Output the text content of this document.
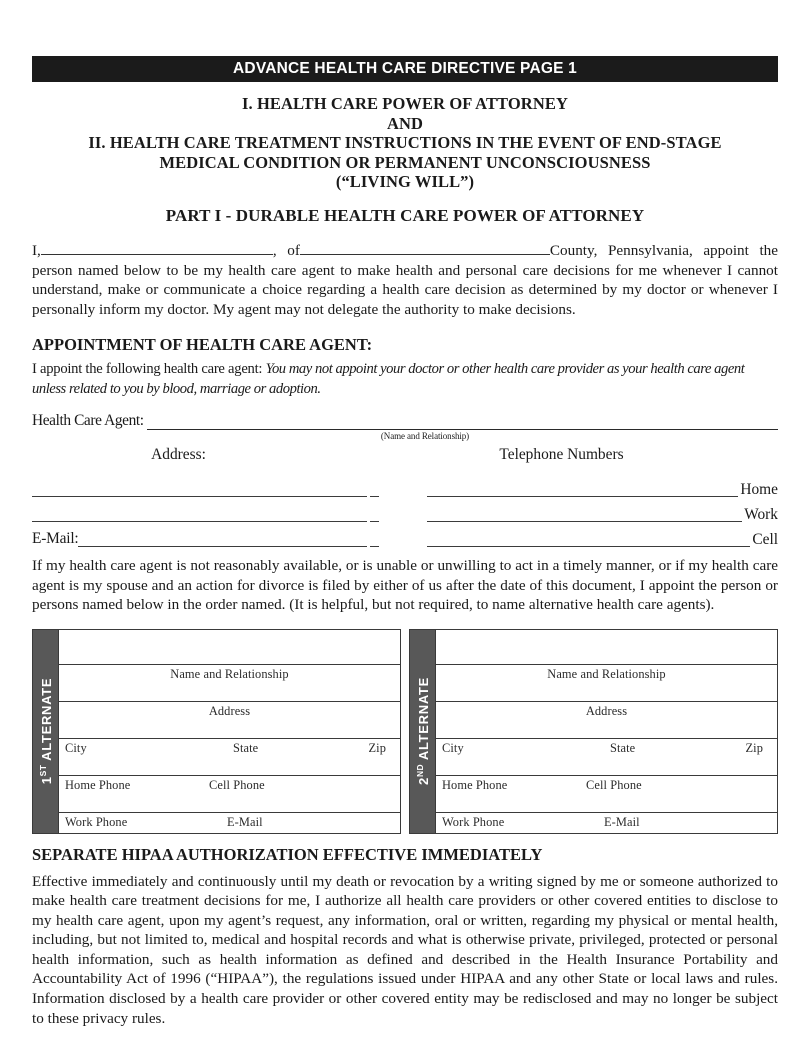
ADVANCE HEALTH CARE DIRECTIVE PAGE 1
I. HEALTH CARE POWER OF ATTORNEY
AND
II. HEALTH CARE TREATMENT INSTRUCTIONS IN THE EVENT OF END-STAGE
MEDICAL CONDITION OR PERMANENT UNCONSCIOUSNESS
(“LIVING WILL”)
PART I - DURABLE HEALTH CARE POWER OF ATTORNEY
I,	, of	County, Pennsylvania, appoint the person named below to be my health care agent to make health and personal care decisions for me whenever I cannot understand, make or communicate a choice regarding a health care decision as determined by my doctor or whenever I personally inform my doctor. My agent may not delegate the authority to make decisions.
APPOINTMENT OF HEALTH CARE AGENT:
I appoint the following health care agent: You may not appoint your doctor or other health care provider as your health care agent unless related to you by blood, marriage or adoption.
Health Care Agent:
(Name and Relationship)
Address:	Telephone Numbers
Home
Work
E-Mail:	Cell
If my health care agent is not reasonably available, or is unable or unwilling to act in a timely manner, or if my health care agent is my spouse and an action for divorce is filed by either of us after the date of this document, I appoint the person or persons named below in the order named. (It is helpful, but not required, to name alternative health care agents).
1ST ALTERNATE
Name and Relationship
Address
City	State	Zip
Home Phone	Cell Phone
Work Phone	E-Mail
2ND ALTERNATE
Name and Relationship
Address
City	State	Zip
Home Phone	Cell Phone
Work Phone	E-Mail
SEPARATE HIPAA AUTHORIZATION EFFECTIVE IMMEDIATELY
Effective immediately and continuously until my death or revocation by a writing signed by me or someone authorized to make health care treatment decisions for me, I authorize all health care providers or other covered entities to disclose to my health care agent, upon my agent’s request, any information, oral or written, regarding my physical or mental health, including, but not limited to, medical and hospital records and what is otherwise private, privileged, protected or personal health information, such as health information as defined and described in the Health Insurance Portability and Accountability Act of 1996 (“HIPAA”), the regulations issued under HIPAA and any other State or local laws and rules. Information disclosed by a health care provider or other covered entity may be redisclosed and may no longer be subject to these privacy rules.
